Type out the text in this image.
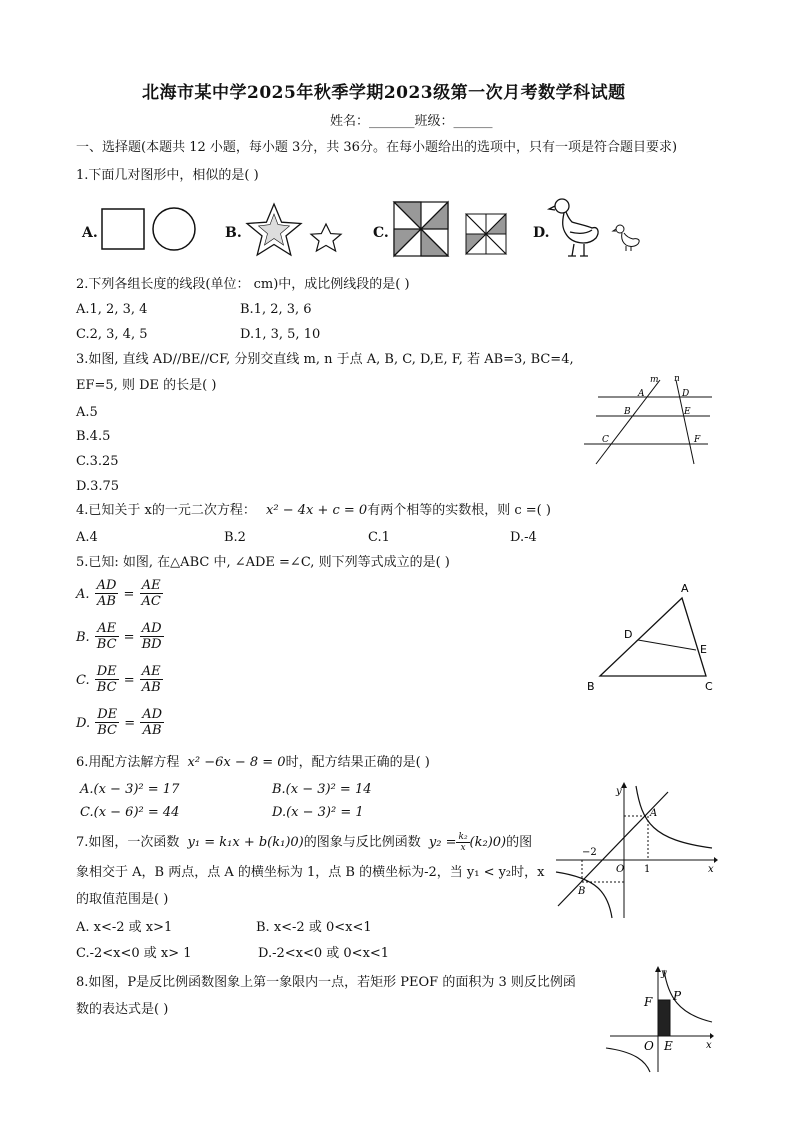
北海市某中学2025年秋季学期2023级第一次月考数学科试题
姓名：_______班级：______
一、选择题(本题共 12 小题，每小题 3分，共 36分。在每小题给出的选项中，只有一项是符合题目要求)
1.下面几对图形中，相似的是( )
A.	B.	C.	D.
2.下列各组长度的线段(单位： cm)中，成比例线段的是( )
A.1, 2, 3, 4	B.1, 2, 3, 6
C.2, 3, 4, 5	D.1, 3, 5, 10
3.如图, 直线 AD//BE//CF, 分别交直线 m, n 于点 A, B, C, D,E, F, 若 AB=3, BC=4,
EF=5, 则 DE 的长是( )
A.5
B.4.5
C.3.25
D.3.75
m n
A
B
C
D
E
F
4.已知关于 x的一元二次方程： x² − 4x + c = 0有两个相等的实数根，则 c =( )
A.4	B.2	C.1	D.-4
5.已知: 如图, 在△ABC 中, ∠ADE =∠C, 则下列等式成立的是( )
A. $\frac{AD}{AB} = \frac{AE}{AC}$
B. $\frac{AE}{BC} = \frac{AD}{BD}$
C. $\frac{DE}{BC} = \frac{AE}{AB}$
D. $\frac{DE}{BC} = \frac{AD}{AB}$
A
B	C
D
E
6.用配方法解方程 x² −6x − 8 = 0时，配方结果正确的是( )
A.(x − 3)² = 17	B.(x − 3)² = 14
C.(x − 6)² = 44	D.(x − 3)² = 1
7.如图，一次函数 y₁ = k₁x + b(k₁)0)的图象与反比例函数 $y_2 = \frac{\text{k₂}}{x} (k_2)0$)的图
象相交于 A，B 两点，点 A 的横坐标为 1，点 B 的横坐标为-2，当 y₁ < y₂时，x
的取值范围是( )
A. x<-2 或 x>1	B. x<-2 或 0<x<1
C.-2<x<0 或 x> 1	D.-2<x<0 或 0<x<1
y
x
O
A
B
−2
1
8.如图，P是反比例函数图象上第一象限内一点，若矩形 PEOF 的面积为 3 则反比例函
数的表达式是( )
y
x
O E
F P
